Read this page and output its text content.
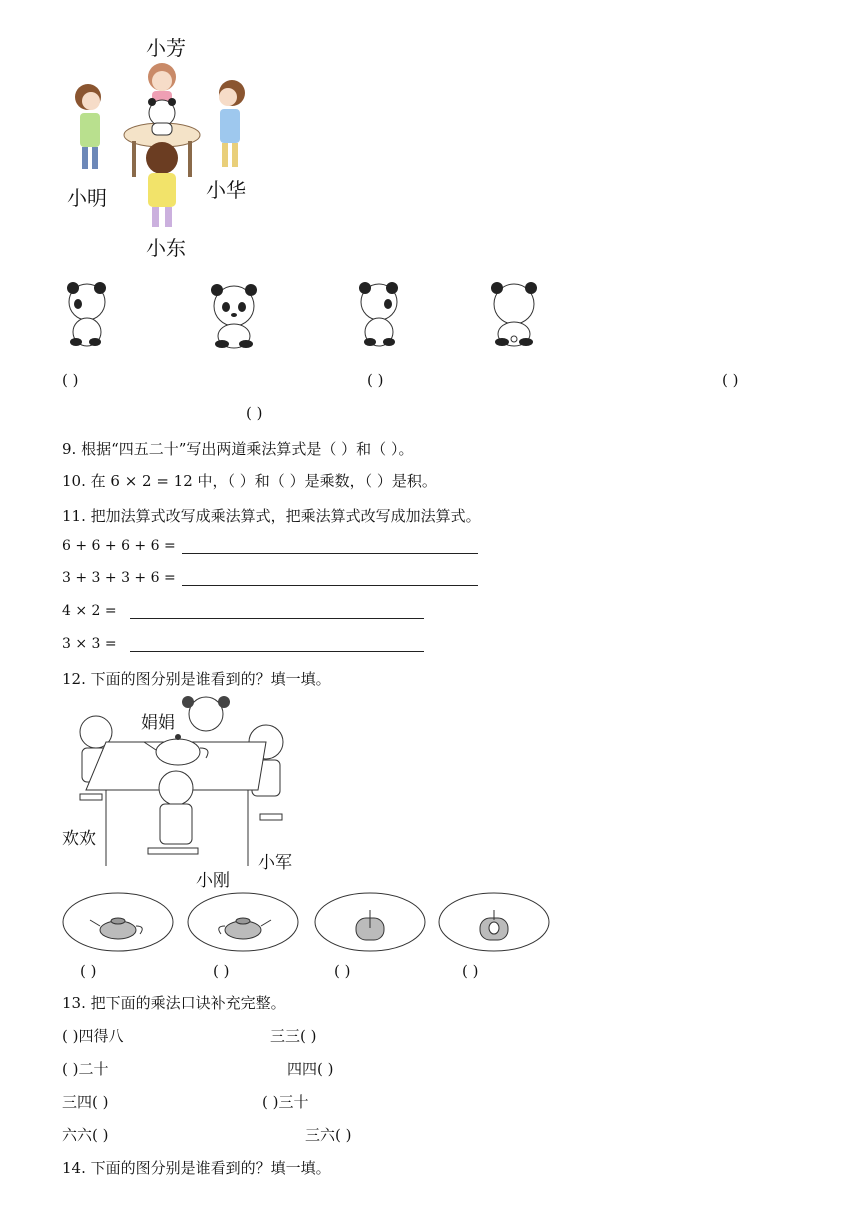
小芳
小明	小华
小东
( )	( )	( )
( )
9. 根据“四五二十”写出两道乘法算式是（ ）和（ ）。
10. 在 6 × 2 = 12 中，（ ）和（ ）是乘数，（ ）是积。
11. 把加法算式改写成乘法算式，把乘法算式改写成加法算式。
6 + 6 + 6 + 6 =
3 + 3 + 3 + 6 =
4 × 2 =
3 × 3 =
12. 下面的图分别是谁看到的？填一填。
娟娟
欢欢
小刚
小军
( )	( )	( )	( )
13. 把下面的乘法口诀补充完整。
( )四得八	三三( )
( )二十	四四( )
三四( )	( )三十
六六( )	三六( )
14. 下面的图分别是谁看到的？填一填。
